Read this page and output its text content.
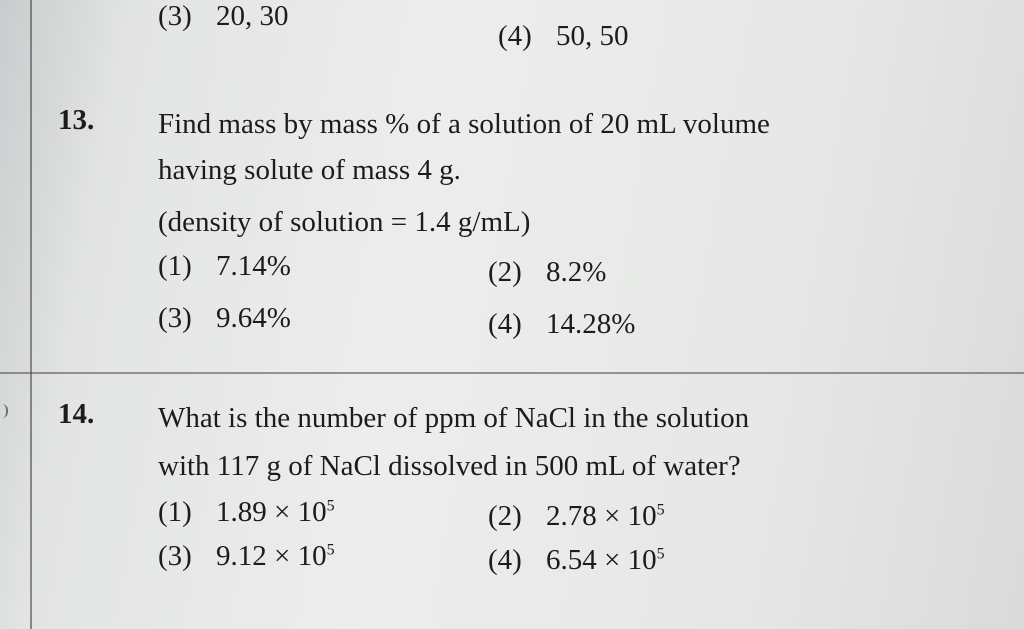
(3) 20, 30
(4) 50, 50
13. Find mass by mass % of a solution of 20 mL volume
having solute of mass 4 g.
(density of solution = 1.4 g/mL)
(1) 7.14%	(2) 8.2%
(3) 9.64%	(4) 14.28%
14. What is the number of ppm of NaCl in the solution
with 117 g of NaCl dissolved in 500 mL of water?
(1) $1.89 \times 10^5$	(2) $2.78 \times 10^5$
(3) $9.12 \times 10^5$	(4) $6.54 \times 10^5$
